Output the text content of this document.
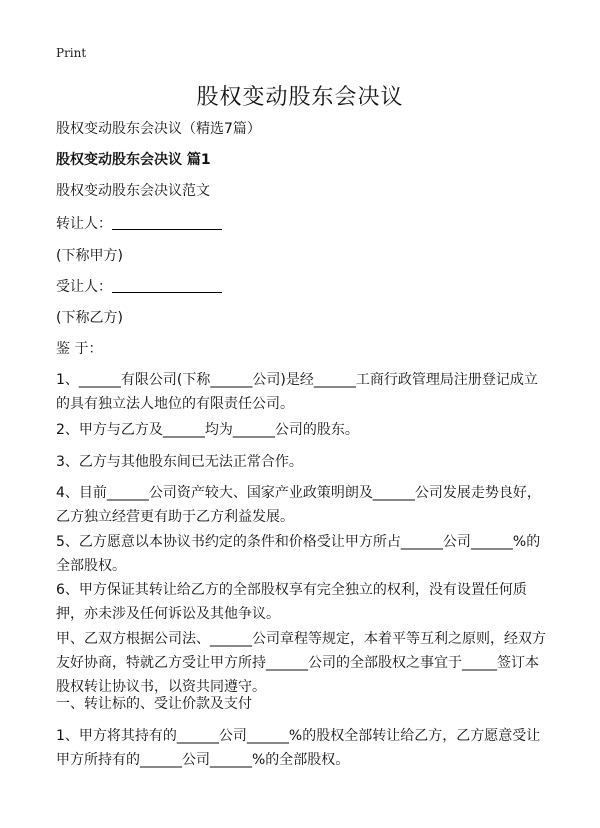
Print
股权变动股东会决议

股权变动股东会决议（精选7篇）

股权变动股东会决议 篇1

股权变动股东会决议范文

转让人：

(下称甲方)

受让人：

(下称乙方)

鉴 于：

1、______有限公司(下称______公司)是经______工商行政管理局注册登记成立的具有独立法人地位的有限责任公司。

2、甲方与乙方及______均为______公司的股东。

3、乙方与其他股东间已无法正常合作。

4、目前______公司资产较大、国家产业政策明朗及______公司发展走势良好，乙方独立经营更有助于乙方利益发展。

5、乙方愿意以本协议书约定的条件和价格受让甲方所占______公司______%的全部股权。

6、甲方保证其转让给乙方的全部股权享有完全独立的权利，没有设置任何质押，亦未涉及任何诉讼及其他争议。

甲、乙双方根据公司法、______公司章程等规定，本着平等互利之原则，经双方友好协商，特就乙方受让甲方所持______公司的全部股权之事宜于_____签订本股权转让协议书，以资共同遵守。

一、转让标的、受让价款及支付

1、甲方将其持有的______公司______%的股权全部转让给乙方，乙方愿意受让甲方所持有的______公司______%的全部股权。
